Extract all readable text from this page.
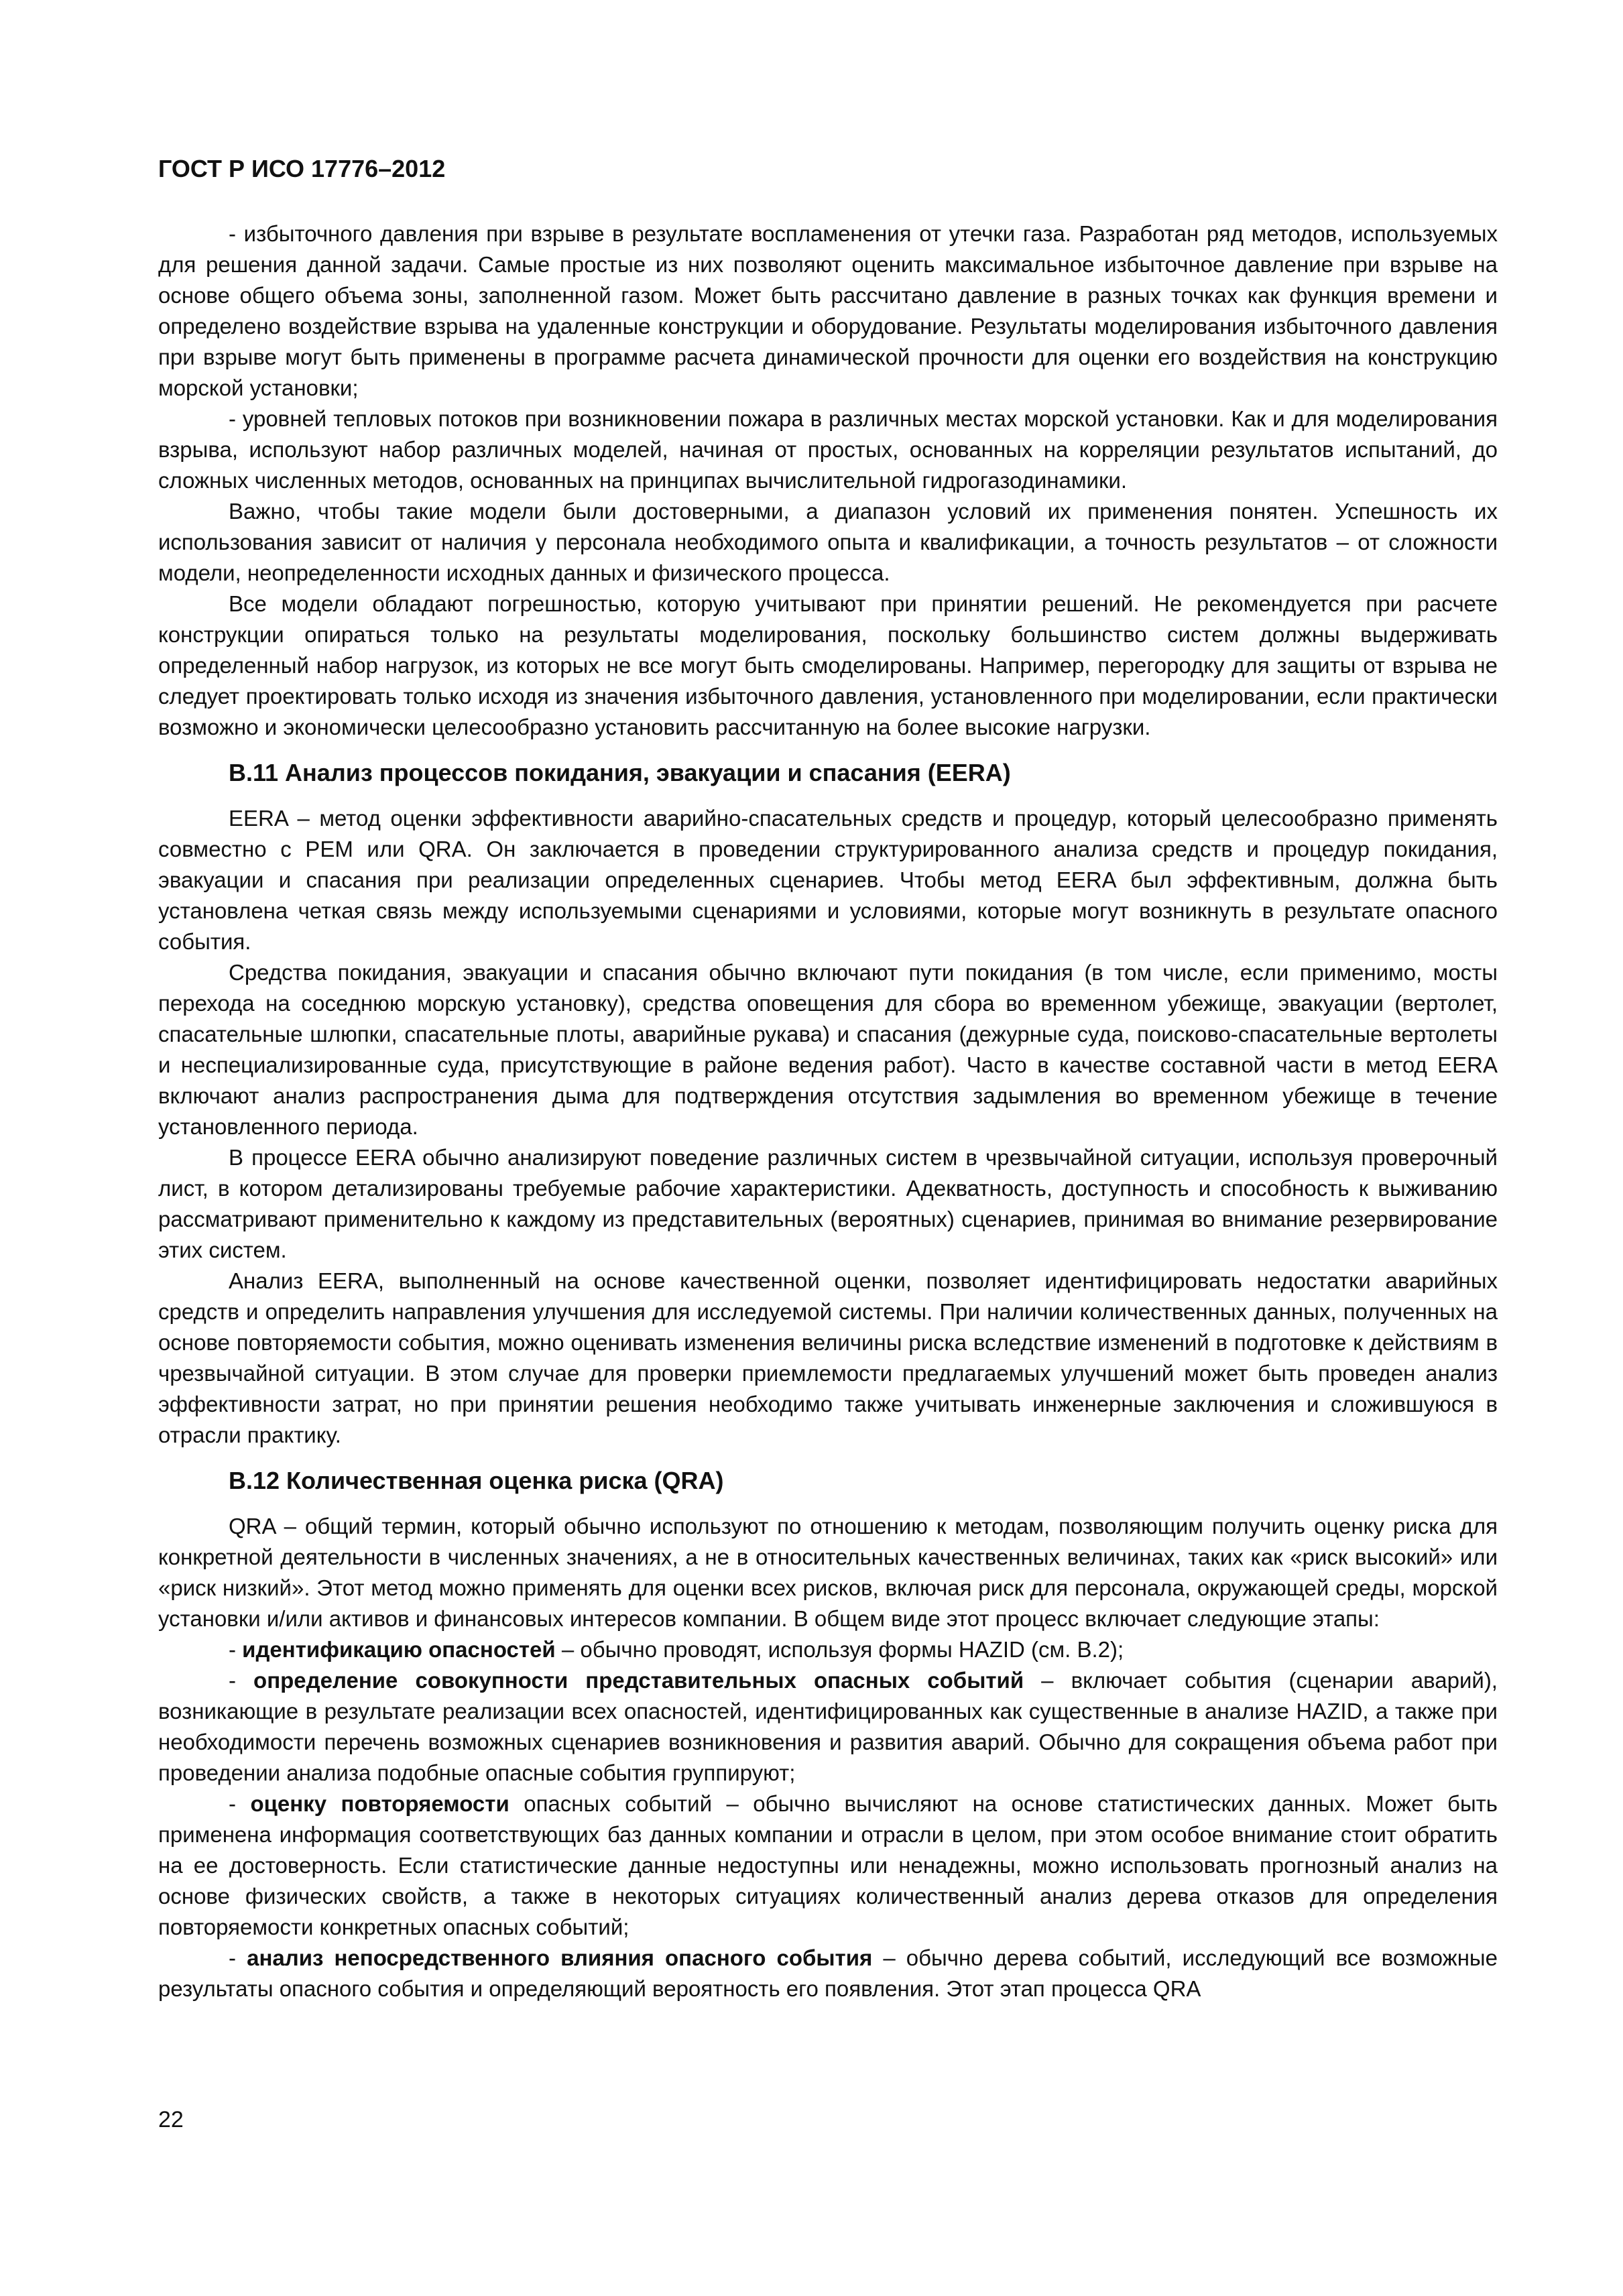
ГОСТ Р ИСО 17776–2012

- избыточного давления при взрыве в результате воспламенения от утечки газа. Разработан ряд методов, используемых для решения данной задачи. Самые простые из них позволяют оценить максимальное избыточное давление при взрыве на основе общего объема зоны, заполненной газом. Может быть рассчитано давление в разных точках как функция времени и определено воздействие взрыва на удаленные конструкции и оборудование. Результаты моделирования избыточного давления при взрыве могут быть применены в программе расчета динамической прочности для оценки его воздействия на конструкцию морской установки;

- уровней тепловых потоков при возникновении пожара в различных местах морской установки. Как и для моделирования взрыва, используют набор различных моделей, начиная от простых, основанных на корреляции результатов испытаний, до сложных численных методов, основанных на принципах вычислительной гидрогазодинамики.

Важно, чтобы такие модели были достоверными, а диапазон условий их применения понятен. Успешность их использования зависит от наличия у персонала необходимого опыта и квалификации, а точность результатов – от сложности модели, неопределенности исходных данных и физического процесса.

Все модели обладают погрешностью, которую учитывают при принятии решений. Не рекомендуется при расчете конструкции опираться только на результаты моделирования, поскольку большинство систем должны выдерживать определенный набор нагрузок, из которых не все могут быть смоделированы. Например, перегородку для защиты от взрыва не следует проектировать только исходя из значения избыточного давления, установленного при моделировании, если практически возможно и экономически целесообразно установить рассчитанную на более высокие нагрузки.

B.11 Анализ процессов покидания, эвакуации и спасания (EERA)

EERA – метод оценки эффективности аварийно-спасательных средств и процедур, который целесообразно применять совместно с PEM или QRA. Он заключается в проведении структурированного анализа средств и процедур покидания, эвакуации и спасания при реализации определенных сценариев. Чтобы метод EERA был эффективным, должна быть установлена четкая связь между используемыми сценариями и условиями, которые могут возникнуть в результате опасного события.

Средства покидания, эвакуации и спасания обычно включают пути покидания (в том числе, если применимо, мосты перехода на соседнюю морскую установку), средства оповещения для сбора во временном убежище, эвакуации (вертолет, спасательные шлюпки, спасательные плоты, аварийные рукава) и спасания (дежурные суда, поисково-спасательные вертолеты и неспециализированные суда, присутствующие в районе ведения работ). Часто в качестве составной части в метод EERA включают анализ распространения дыма для подтверждения отсутствия задымления во временном убежище в течение установленного периода.

В процессе EERA обычно анализируют поведение различных систем в чрезвычайной ситуации, используя проверочный лист, в котором детализированы требуемые рабочие характеристики. Адекватность, доступность и способность к выживанию рассматривают применительно к каждому из представительных (вероятных) сценариев, принимая во внимание резервирование этих систем.

Анализ EERA, выполненный на основе качественной оценки, позволяет идентифицировать недостатки аварийных средств и определить направления улучшения для исследуемой системы. При наличии количественных данных, полученных на основе повторяемости события, можно оценивать изменения величины риска вследствие изменений в подготовке к действиям в чрезвычайной ситуации. В этом случае для проверки приемлемости предлагаемых улучшений может быть проведен анализ эффективности затрат, но при принятии решения необходимо также учитывать инженерные заключения и сложившуюся в отрасли практику.

B.12 Количественная оценка риска (QRA)

QRA – общий термин, который обычно используют по отношению к методам, позволяющим получить оценку риска для конкретной деятельности в численных значениях, а не в относительных качественных величинах, таких как «риск высокий» или «риск низкий». Этот метод можно применять для оценки всех рисков, включая риск для персонала, окружающей среды, морской установки и/или активов и финансовых интересов компании. В общем виде этот процесс включает следующие этапы:

- идентификацию опасностей – обычно проводят, используя формы HAZID (см. B.2);

- определение совокупности представительных опасных событий – включает события (сценарии аварий), возникающие в результате реализации всех опасностей, идентифицированных как существенные в анализе HAZID, а также при необходимости перечень возможных сценариев возникновения и развития аварий. Обычно для сокращения объема работ при проведении анализа подобные опасные события группируют;

- оценку повторяемости опасных событий – обычно вычисляют на основе статистических данных. Может быть применена информация соответствующих баз данных компании и отрасли в целом, при этом особое внимание стоит обратить на ее достоверность. Если статистические данные недоступны или ненадежны, можно использовать прогнозный анализ на основе физических свойств, а также в некоторых ситуациях количественный анализ дерева отказов для определения повторяемости конкретных опасных событий;

- анализ непосредственного влияния опасного события – обычно дерева событий, исследующий все возможные результаты опасного события и определяющий вероятность его появления. Этот этап процесса QRA

22
